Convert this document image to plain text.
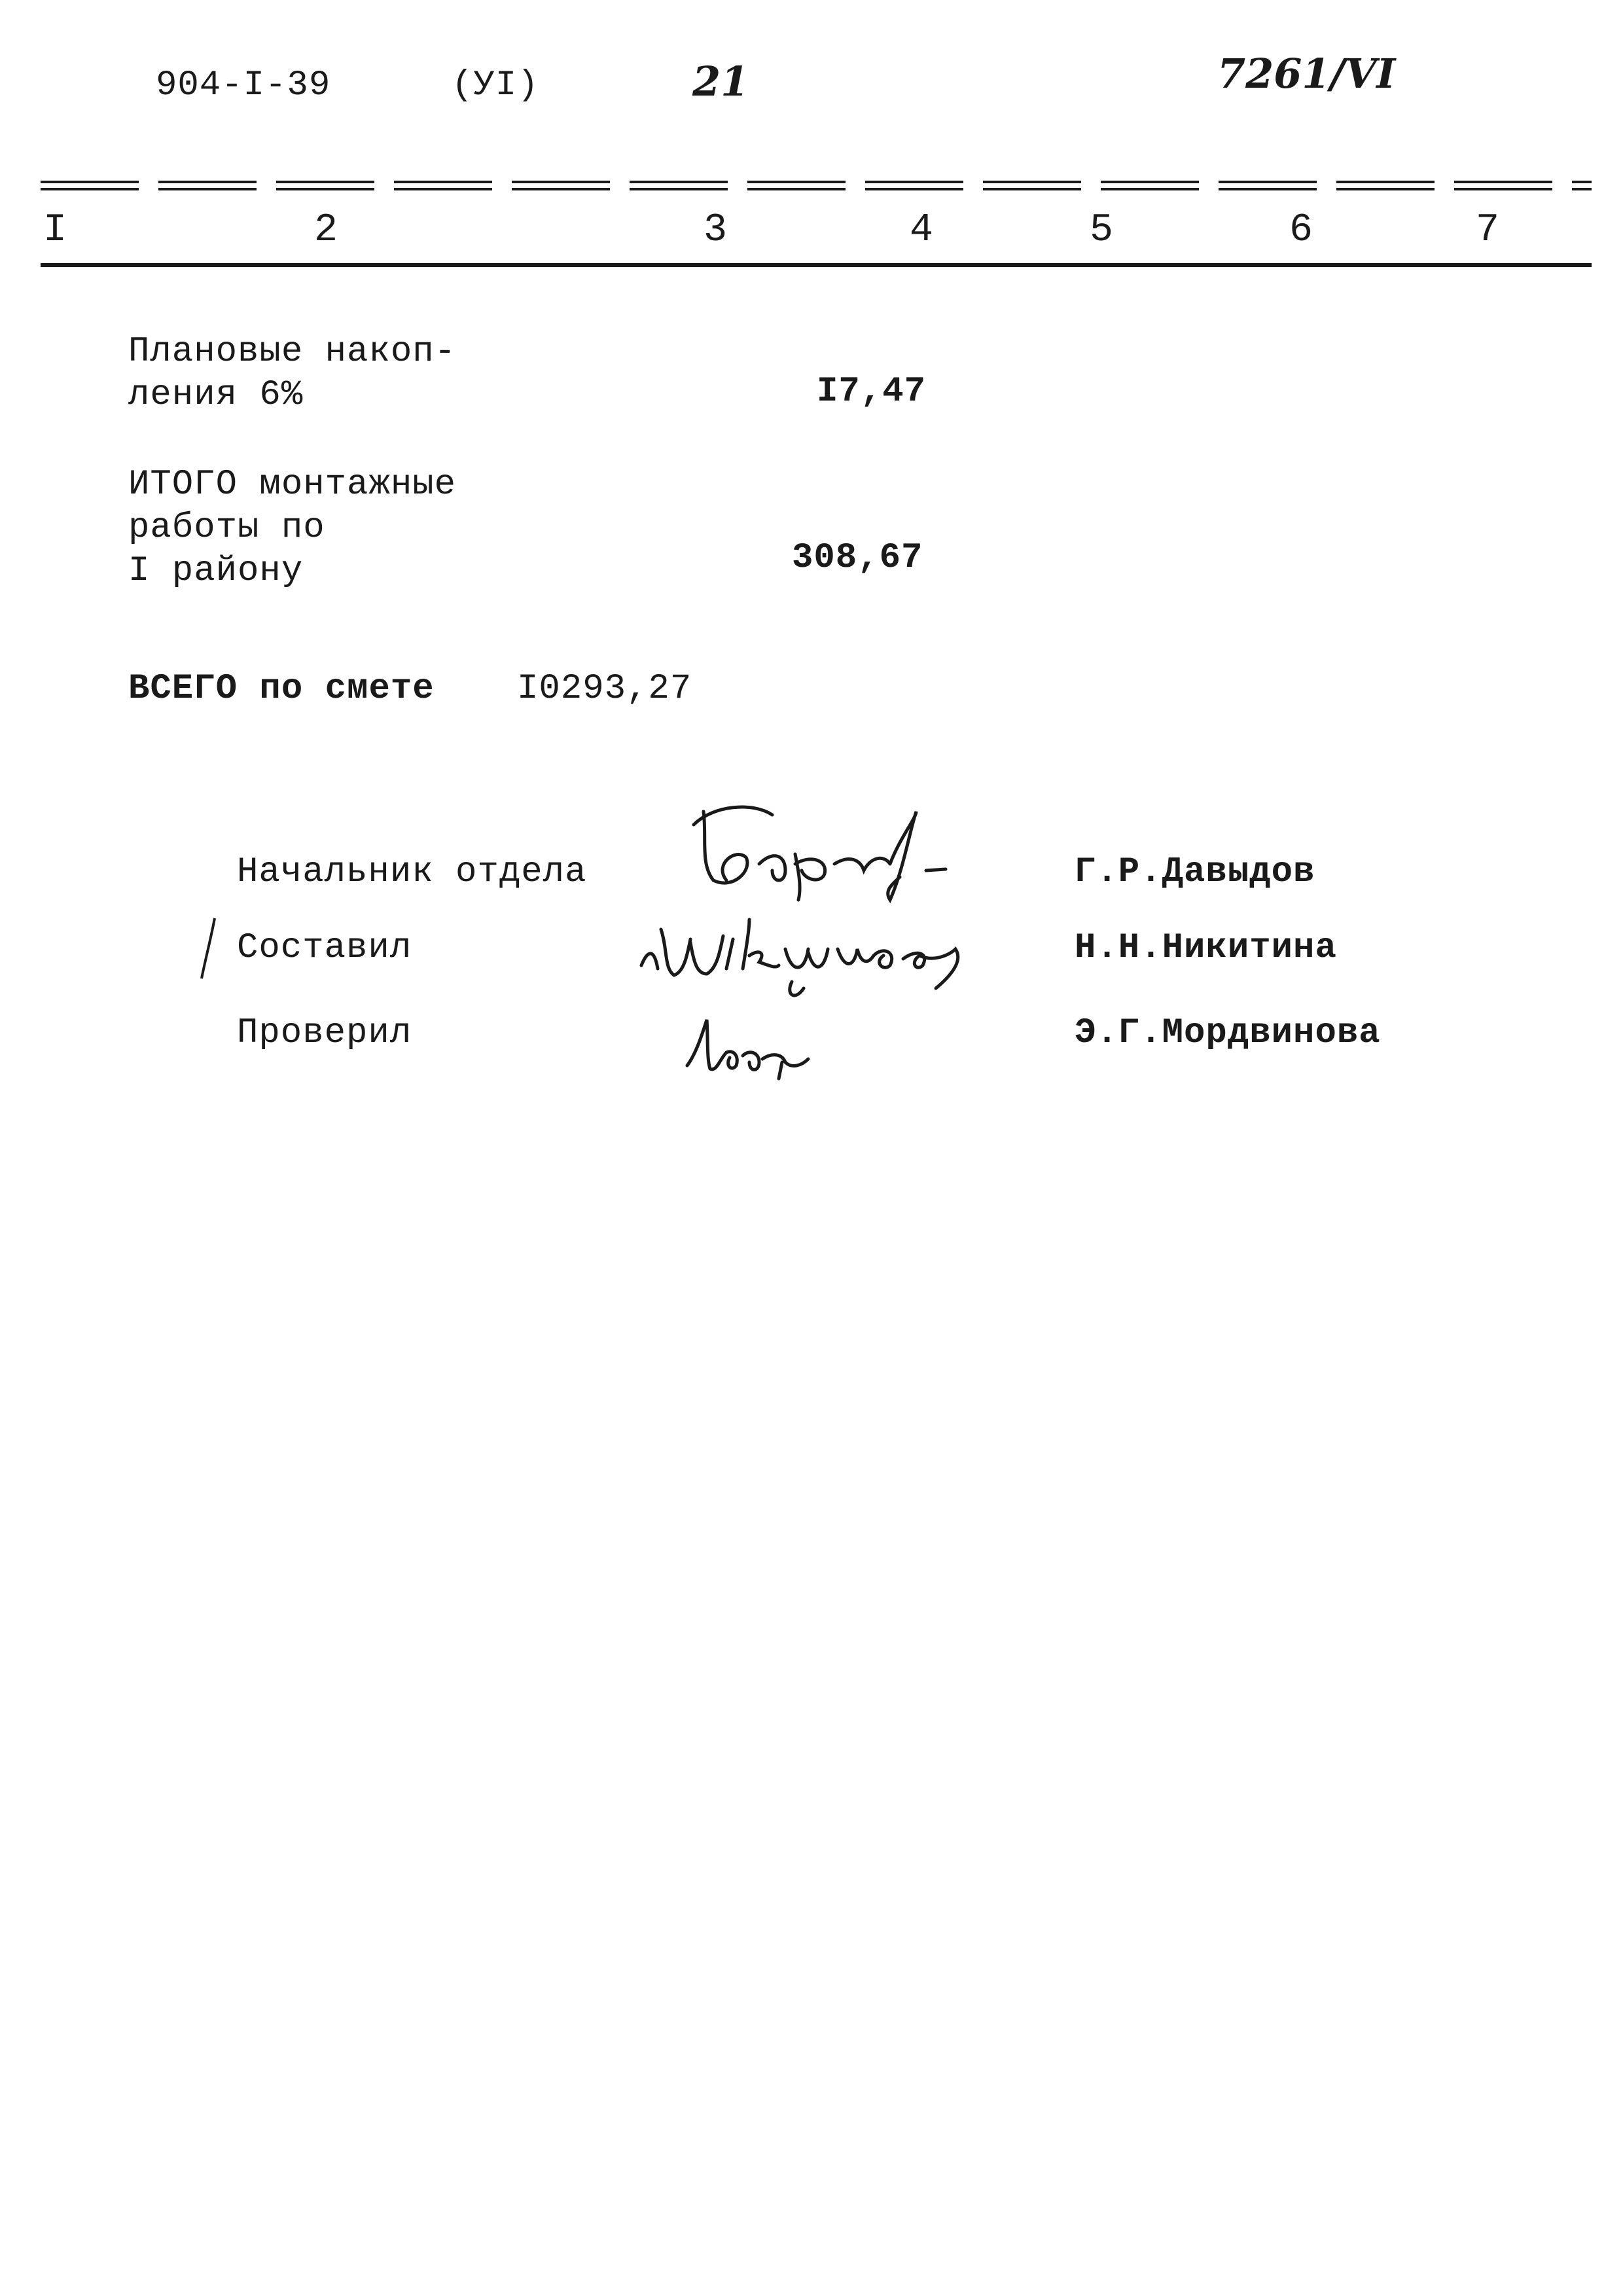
904-I-39	(УI)	21	7261/VI
I	2	3	4	5	6	7
Плановые накоп-
ления 6%	I7,47
ИТОГО монтажные
работы по
I району	308,67
ВСЕГО по смете I0293,27
Начальник отдела	Г.Р.Давыдов
Составил	Н.Н.Никитина
Проверил	Э.Г.Мордвинова
